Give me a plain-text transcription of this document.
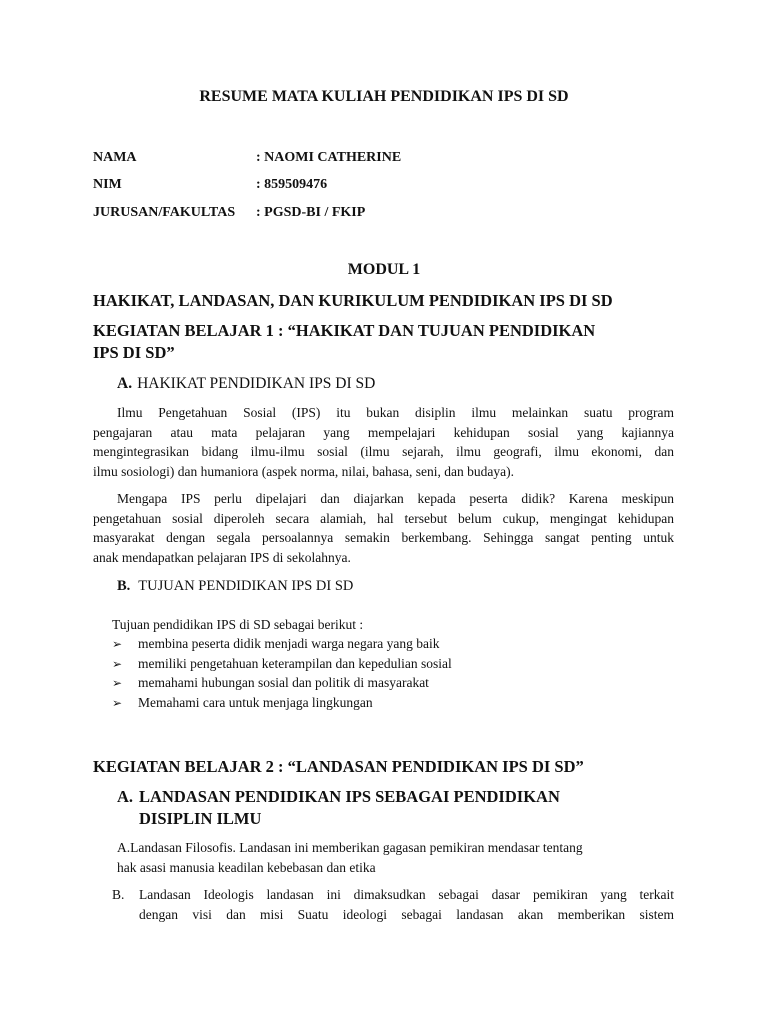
RESUME MATA KULIAH PENDIDIKAN IPS DI SD

NAMA	: NAOMI CATHERINE

NIM	: 859509476

JURUSAN/FAKULTAS : PGSD-BI / FKIP

MODUL 1

HAKIKAT, LANDASAN, DAN KURIKULUM PENDIDIKAN IPS DI SD

KEGIATAN BELAJAR 1 : “HAKIKAT DAN TUJUAN PENDIDIKAN
IPS DI SD”

A. HAKIKAT PENDIDIKAN IPS DI SD

Ilmu Pengetahuan Sosial (IPS) itu bukan disiplin ilmu melainkan suatu program
pengajaran atau mata pelajaran yang mempelajari kehidupan sosial yang kajiannya
mengintegrasikan bidang ilmu-ilmu sosial (ilmu sejarah, ilmu geografi, ilmu ekonomi, dan
ilmu sosiologi) dan humaniora (aspek norma, nilai, bahasa, seni, dan budaya).
Mengapa IPS perlu dipelajari dan diajarkan kepada peserta didik? Karena meskipun
pengetahuan sosial diperoleh secara alamiah, hal tersebut belum cukup, mengingat kehidupan
masyarakat dengan segala persoalannya semakin berkembang. Sehingga sangat penting untuk
anak mendapatkan pelajaran IPS di sekolahnya.

B. TUJUAN PENDIDIKAN IPS DI SD

Tujuan pendidikan IPS di SD sebagai berikut :

➢ membina peserta didik menjadi warga negara yang baik
➢ memiliki pengetahuan keterampilan dan kepedulian sosial
➢ memahami hubungan sosial dan politik di masyarakat
➢ Memahami cara untuk menjaga lingkungan

KEGIATAN BELAJAR 2 : “LANDASAN PENDIDIKAN IPS DI SD”

A. LANDASAN PENDIDIKAN IPS SEBAGAI PENDIDIKAN
DISIPLIN ILMU
A.Landasan Filosofis. Landasan ini memberikan gagasan pemikiran mendasar tentang
hak asasi manusia keadilan kebebasan dan etika

B. Landasan Ideologis landasan ini dimaksudkan sebagai dasar pemikiran yang terkait
dengan visi dan misi Suatu ideologi sebagai landasan akan memberikan sistem
